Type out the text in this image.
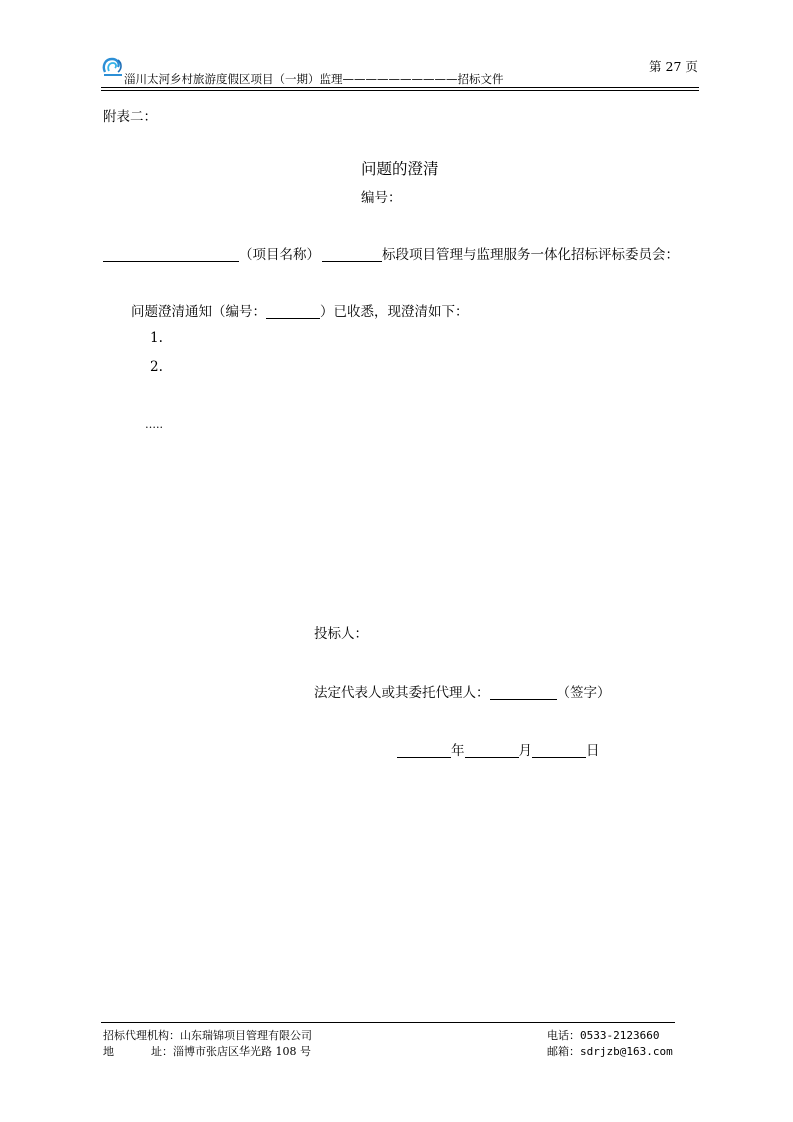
淄川太河乡村旅游度假区项目（一期）监理——————————招标文件
第 27 页
附表二：
问题的澄清
编号：
（项目名称）	标段项目管理与监理服务一体化招标评标委员会：
问题澄清通知（编号：	）已收悉，现澄清如下：
1.
2.
…..
投标人：
法定代表人或其委托代理人：	（签字）
年	月	日
招标代理机构：山东瑞锦项目管理有限公司
地	址：淄博市张店区华光路 108 号
电话：0533-2123660
邮箱：sdrjzb@163.com
